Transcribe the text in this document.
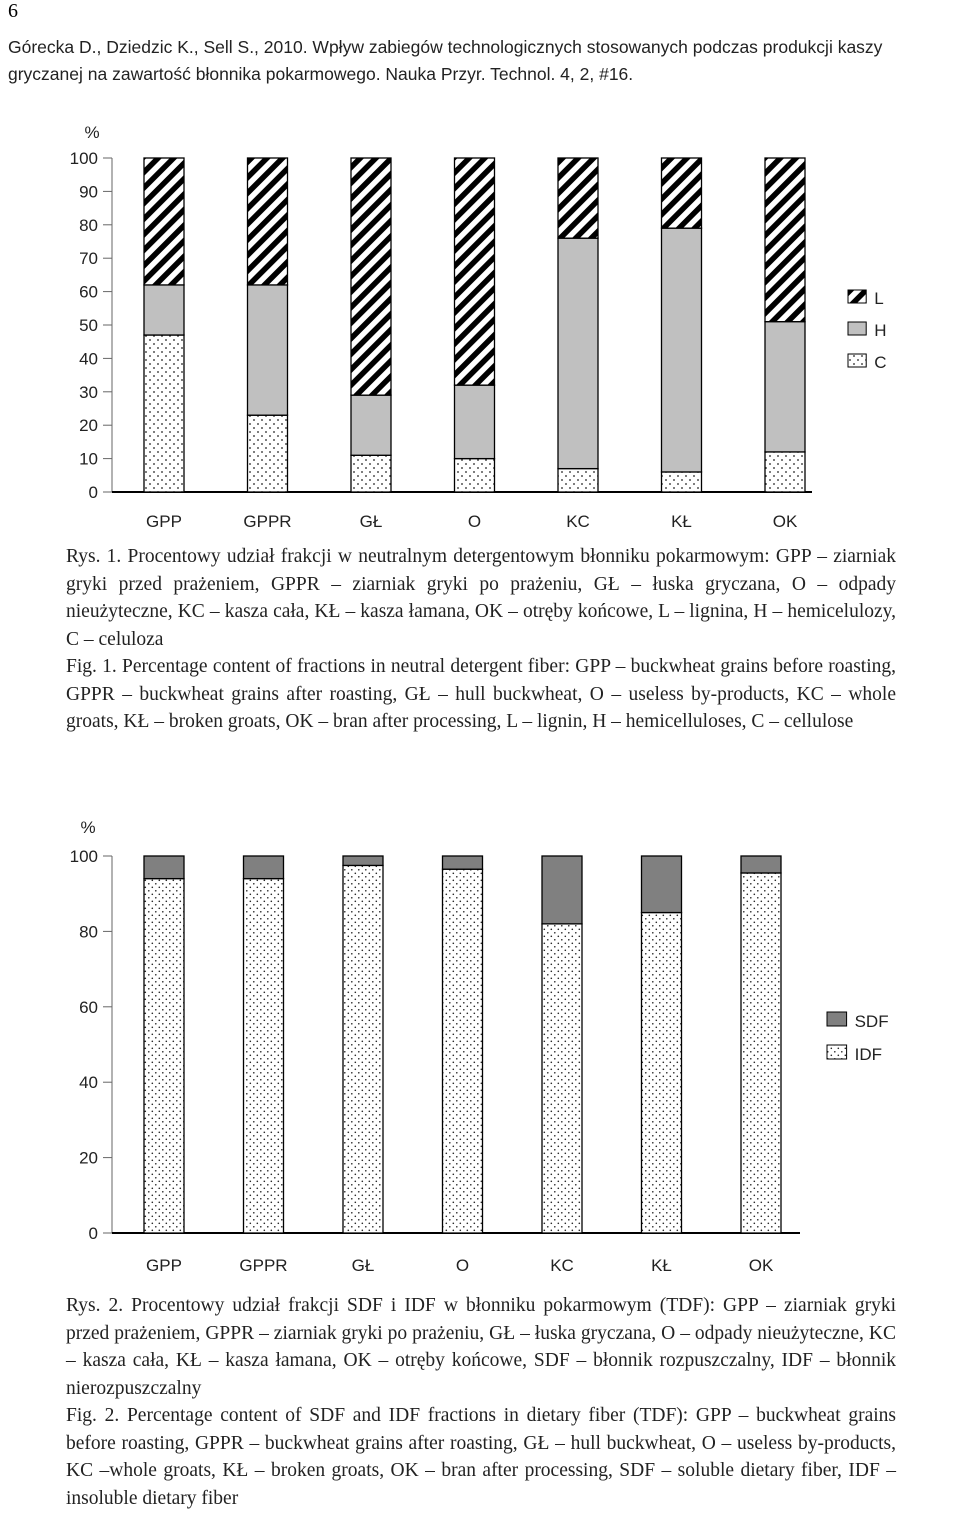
6
Górecka D., Dziedzic K., Sell S., 2010. Wpływ zabiegów technologicznych stosowanych podczas produkcji kaszy gryczanej na zawartość błonnika pokarmowego. Nauka Przyr. Technol. 4, 2, #16.
%
0
10
20
30
40
50
60
70
80
90
100
GPP	GPPR	GŁ	O	KC	KŁ	OK
L
H
C

Rys. 1. Procentowy udział frakcji w neutralnym detergentowym błonniku pokarmowym: GPP – ziarniak gryki przed prażeniem, GPPR – ziarniak gryki po prażeniu, GŁ – łuska gryczana, O – odpady nieużyteczne, KC – kasza cała, KŁ – kasza łamana, OK – otręby końcowe, L – lignina, H – hemicelulozy, C – celuloza

Fig. 1. Percentage content of fractions in neutral detergent fiber: GPP – buckwheat grains before roasting, GPPR – buckwheat grains after roasting, GŁ – hull buckwheat, O – useless by-products, KC – whole groats, KŁ – broken groats, OK – bran after processing, L – lignin, H – hemicelluloses, C – cellulose

%
0
20
40
60
80
100
GPP	GPPR	GŁ	O	KC	KŁ	OK
SDF
IDF

Rys. 2. Procentowy udział frakcji SDF i IDF w błonniku pokarmowym (TDF): GPP – ziarniak gryki przed prażeniem, GPPR – ziarniak gryki po prażeniu, GŁ – łuska gryczana, O – odpady nieużyteczne, KC – kasza cała, KŁ – kasza łamana, OK – otręby końcowe, SDF – błonnik rozpuszczalny, IDF – błonnik nierozpuszczalny

Fig. 2. Percentage content of SDF and IDF fractions in dietary fiber (TDF): GPP – buckwheat grains before roasting, GPPR – buckwheat grains after roasting, GŁ – hull buckwheat, O – useless by-products, KC –whole groats, KŁ – broken groats, OK – bran after processing, SDF – soluble dietary fiber, IDF – insoluble dietary fiber
